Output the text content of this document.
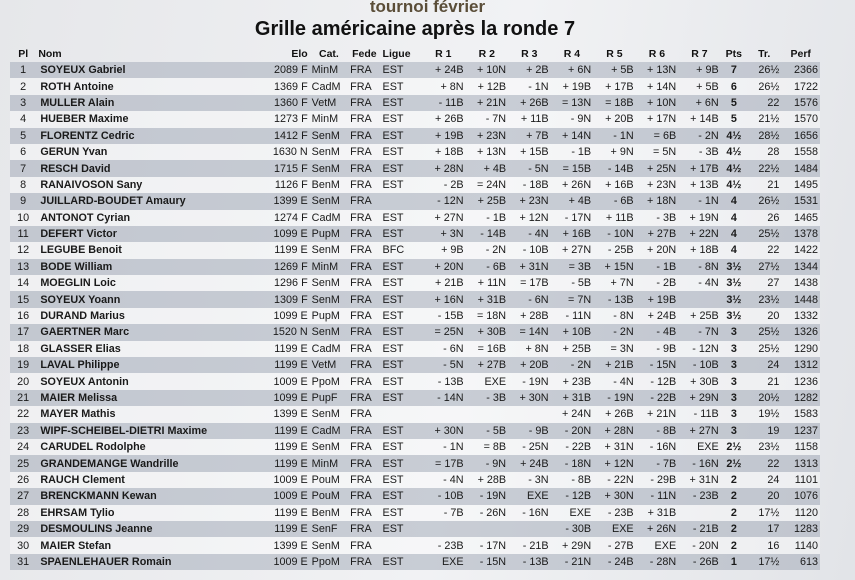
tournoi février
Grille américaine après la ronde 7
Pl	Nom	Elo	Cat.	Fede	Ligue	R 1	R 2	R 3	R 4	R 5	R 6	R 7	Pts	Tr.	Perf
1	SOYEUX Gabriel	2089 F	MinM	FRA	EST	+ 24B	+ 10N	+ 2B	+ 6N	+ 5B	+ 13N	+ 9B	7	26½	2366
2	ROTH Antoine	1369 F	CadM	FRA	EST	+ 8N	+ 12B	- 1N	+ 19B	+ 17B	+ 14N	+ 5B	6	26½	1722
3	MULLER Alain	1360 F	VetM	FRA	EST	- 11B	+ 21N	+ 26B	= 13N	= 18B	+ 10N	+ 6N	5	22	1576
4	HUEBER Maxime	1273 F	MinM	FRA	EST	+ 26B	- 7N	+ 11B	- 9N	+ 20B	+ 17N	+ 14B	5	21½	1570
5	FLORENTZ Cedric	1412 F	SenM	FRA	EST	+ 19B	+ 23N	+ 7B	+ 14N	- 1N	= 6B	- 2N	4½	28½	1656
6	GERUN Yvan	1630 N	SenM	FRA	EST	+ 18B	+ 13N	+ 15B	- 1B	+ 9N	= 5N	- 3B	4½	28	1558
7	RESCH David	1715 F	SenM	FRA	EST	+ 28N	+ 4B	- 5N	= 15B	- 14B	+ 25N	+ 17B	4½	22½	1484
8	RANAIVOSON Sany	1126 F	BenM	FRA	EST	- 2B	= 24N	- 18B	+ 26N	+ 16B	+ 23N	+ 13B	4½	21	1495
9	JUILLARD-BOUDET Amaury	1399 E	SenM	FRA		- 12N	+ 25B	+ 23N	+ 4B	- 6B	+ 18N	- 1N	4	26½	1531
10	ANTONOT Cyrian	1274 F	CadM	FRA	EST	+ 27N	- 1B	+ 12N	- 17N	+ 11B	- 3B	+ 19N	4	26	1465
11	DEFERT Victor	1099 E	PupM	FRA	EST	+ 3N	- 14B	- 4N	+ 16B	- 10N	+ 27B	+ 22N	4	25½	1378
12	LEGUBE Benoit	1199 E	SenM	FRA	BFC	+ 9B	- 2N	- 10B	+ 27N	- 25B	+ 20N	+ 18B	4	22	1422
13	BODE William	1269 F	MinM	FRA	EST	+ 20N	- 6B	+ 31N	= 3B	+ 15N	- 1B	- 8N	3½	27½	1344
14	MOEGLIN Loic	1296 F	SenM	FRA	EST	+ 21B	+ 11N	= 17B	- 5B	+ 7N	- 2B	- 4N	3½	27	1438
15	SOYEUX Yoann	1309 F	SenM	FRA	EST	+ 16N	+ 31B	- 6N	= 7N	- 13B	+ 19B		3½	23½	1448
16	DURAND Marius	1099 E	PupM	FRA	EST	- 15B	= 18N	+ 28B	- 11N	- 8N	+ 24B	+ 25B	3½	20	1332
17	GAERTNER Marc	1520 N	SenM	FRA	EST	= 25N	+ 30B	= 14N	+ 10B	- 2N	- 4B	- 7N	3	25½	1326
18	GLASSER Elias	1199 E	CadM	FRA	EST	- 6N	= 16B	+ 8N	+ 25B	= 3N	- 9B	- 12N	3	25½	1290
19	LAVAL Philippe	1199 E	VetM	FRA	EST	- 5N	+ 27B	+ 20B	- 2N	+ 21B	- 15N	- 10B	3	24	1312
20	SOYEUX Antonin	1009 E	PpoM	FRA	EST	- 13B	EXE	- 19N	+ 23B	- 4N	- 12B	+ 30B	3	21	1236
21	MAIER Melissa	1099 E	PupF	FRA	EST	- 14N	- 3B	+ 30N	+ 31B	- 19N	- 22B	+ 29N	3	20½	1282
22	MAYER Mathis	1399 E	SenM	FRA					+ 24N	+ 26B	+ 21N	- 11B	3	19½	1583
23	WIPF-SCHEIBEL-DIETRI Maxime	1199 E	CadM	FRA	EST	+ 30N	- 5B	- 9B	- 20N	+ 28N	- 8B	+ 27N	3	19	1237
24	CARUDEL Rodolphe	1199 E	SenM	FRA	EST	- 1N	= 8B	- 25N	- 22B	+ 31N	- 16N	EXE	2½	23½	1158
25	GRANDEMANGE Wandrille	1199 E	MinM	FRA	EST	= 17B	- 9N	+ 24B	- 18N	+ 12N	- 7B	- 16N	2½	22	1313
26	RAUCH Clement	1009 E	PouM	FRA	EST	- 4N	+ 28B	- 3N	- 8B	- 22N	- 29B	+ 31N	2	24	1101
27	BRENCKMANN Kewan	1009 E	PouM	FRA	EST	- 10B	- 19N	EXE	- 12B	+ 30N	- 11N	- 23B	2	20	1076
28	EHRSAM Tylio	1199 E	BenM	FRA	EST	- 7B	- 26N	- 16N	EXE	- 23B	+ 31B		2	17½	1120
29	DESMOULINS Jeanne	1199 E	SenF	FRA	EST				- 30B	EXE	+ 26N	- 21B	2	17	1283
30	MAIER Stefan	1399 E	SenM	FRA		- 23B	- 17N	- 21B	+ 29N	- 27B	EXE	- 20N	2	16	1140
31	SPAENLEHAUER Romain	1009 E	PpoM	FRA	EST	EXE	- 15N	- 13B	- 21N	- 24B	- 28N	- 26B	1	17½	613
